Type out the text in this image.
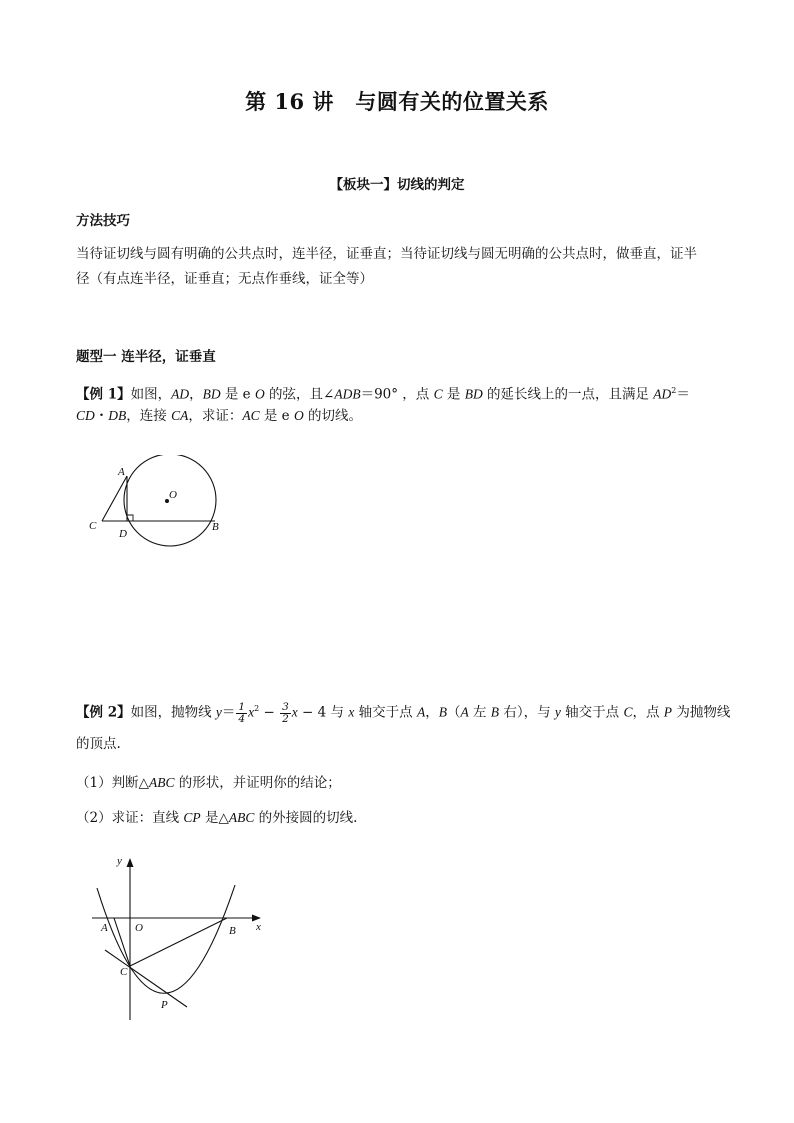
第 16 讲　与圆有关的位置关系
【板块一】切线的判定
方法技巧
当待证切线与圆有明确的公共点时，连半径，证垂直；当待证切线与圆无明确的公共点时，做垂直，证半
径（有点连半径，证垂直；无点作垂线，证全等）
题型一 连半径，证垂直
【例 1】如图，AD，BD 是 e O 的弦，且∠ADB＝90° ，点 C 是 BD 的延长线上的一点，且满足 $AD^2=$
CD・DB，连接 CA，求证：AC 是 e O 的切线。
A
O
C
D
B
【例 2】如图，抛物线 $y= \frac{1}{4} x^2 - \frac{3}{2}$ x − 4 与 x 轴交于点 A，B（A 左 B 右），与 y 轴交于点 C，点 P 为抛物线
的顶点.
（1）判断△ABC 的形状，并证明你的结论；
（2）求证：直线 CP 是△ABC 的外接圆的切线.
y
x
A O	B
C
P
